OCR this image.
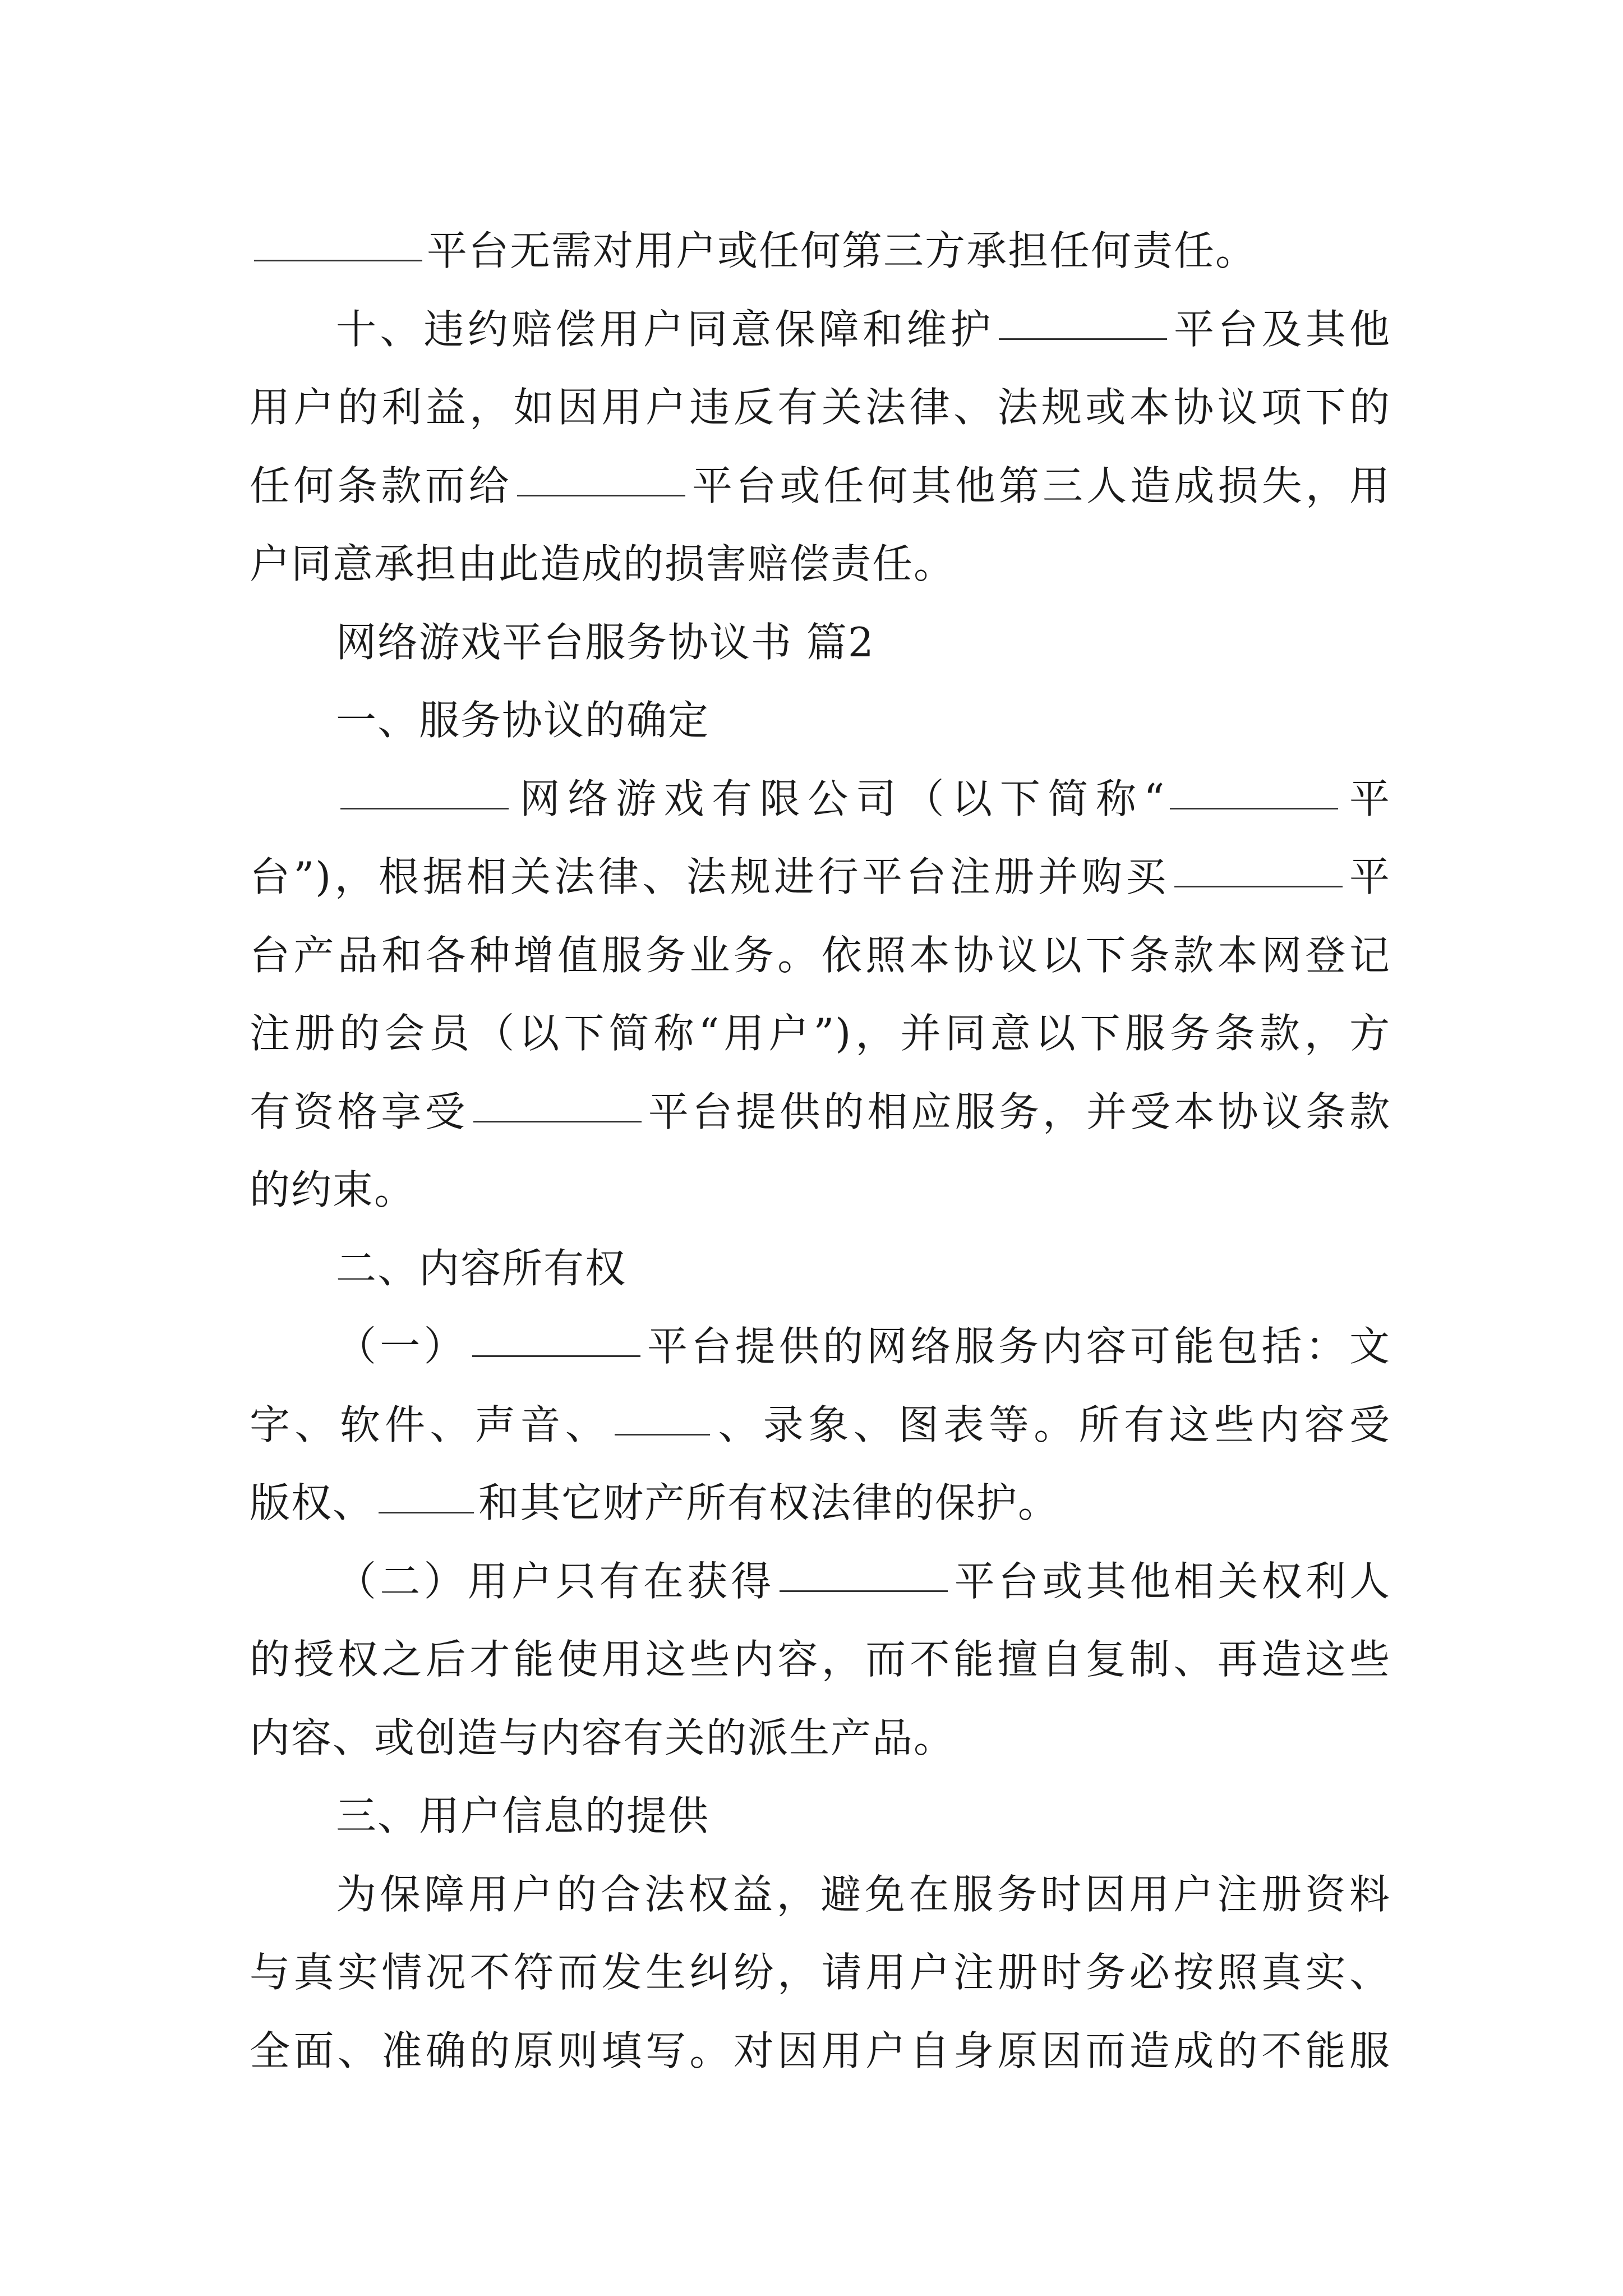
平台无需对用户或任何第三方承担任何责任。
十、违约赔偿用户同意保障和维护	平台及其他
用户的利益，如因用户违反有关法律、法规或本协议项下的
任何条款而给	平台或任何其他第三人造成损失，用
户同意承担由此造成的损害赔偿责任。
网络游戏平台服务协议书 篇2
一、服务协议的确定
网络游戏有限公司（以下简称“	平
台”)，根据相关法律、法规进行平台注册并购买	平
台产品和各种增值服务业务。依照本协议以下条款本网登记
注册的会员（以下简称“用户”)，并同意以下服务条款，方
有资格享受	平台提供的相应服务，并受本协议条款
的约束。
二、内容所有权
（一）	平台提供的网络服务内容可能包括：文
字、软件、声音、	、录象、图表等。所有这些内容受
版权、	和其它财产所有权法律的保护。
（二）用户只有在获得	平台或其他相关权利人
的授权之后才能使用这些内容，而不能擅自复制、再造这些
内容、或创造与内容有关的派生产品。
三、用户信息的提供
为保障用户的合法权益，避免在服务时因用户注册资料
与真实情况不符而发生纠纷，请用户注册时务必按照真实、
全面、准确的原则填写。对因用户自身原因而造成的不能服
